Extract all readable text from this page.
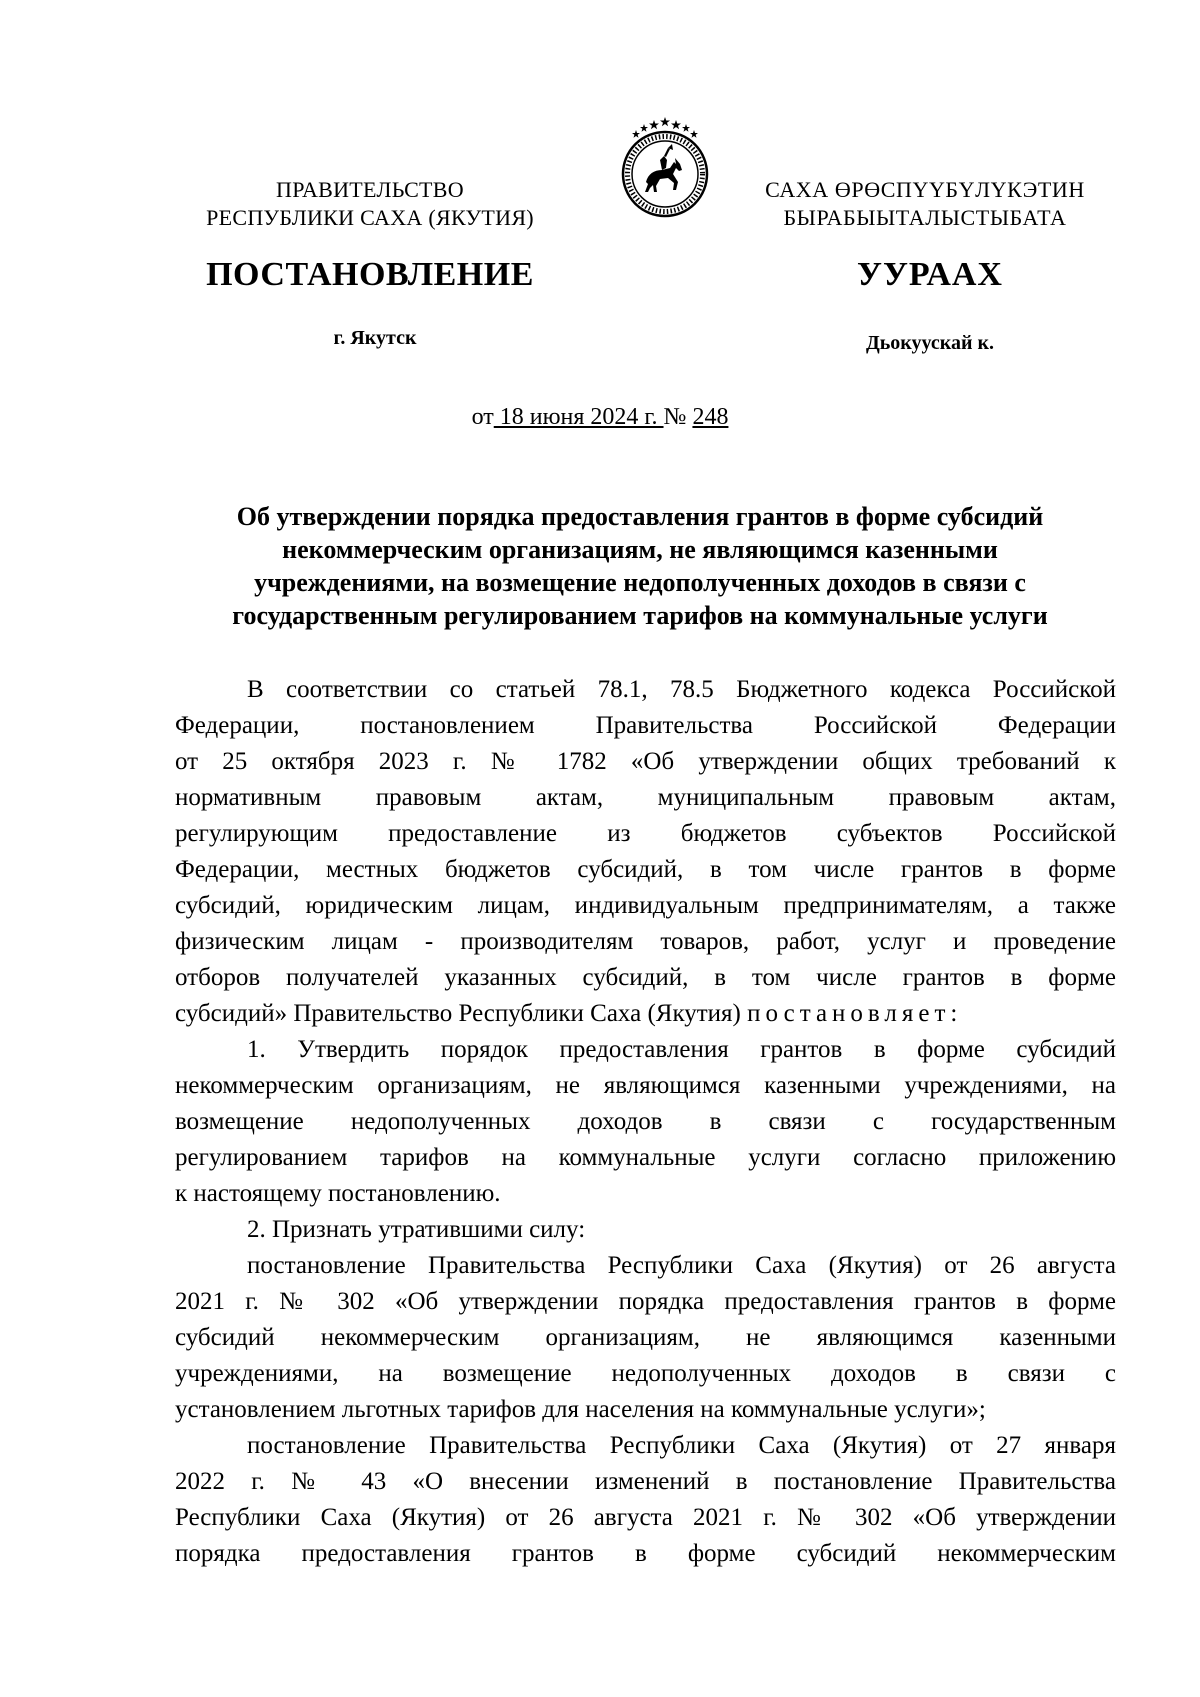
ПРАВИТЕЛЬСТВО
РЕСПУБЛИКИ САХА (ЯКУТИЯ)
САХА ӨРӨСПҮҮБҮЛҮКЭТИН
БЫРАБЫЫТАЛЫСТЫБАТА
ПОСТАНОВЛЕНИЕ	УУРААХ
г. Якутск	Дьокуускай к.
от 18 июня 2024 г. № 248
Об утверждении порядка предоставления грантов в форме субсидий
некоммерческим организациям, не являющимся казенными
учреждениями, на возмещение недополученных доходов в связи с
государственным регулированием тарифов на коммунальные услуги
В соответствии со статьей 78.1, 78.5 Бюджетного кодекса Российской
Федерации, постановлением Правительства Российской Федерации
от 25 октября 2023 г. № 1782 «Об утверждении общих требований к
нормативным правовым актам, муниципальным правовым актам,
регулирующим предоставление из бюджетов субъектов Российской
Федерации, местных бюджетов субсидий, в том числе грантов в форме
субсидий, юридическим лицам, индивидуальным предпринимателям, а также
физическим лицам - производителям товаров, работ, услуг и проведение
отборов получателей указанных субсидий, в том числе грантов в форме
субсидий» Правительство Республики Саха (Якутия) постановляет:
1. Утвердить порядок предоставления грантов в форме субсидий
некоммерческим организациям, не являющимся казенными учреждениями, на
возмещение недополученных доходов в связи с государственным
регулированием тарифов на коммунальные услуги согласно приложению
к настоящему постановлению.
2. Признать утратившими силу:
постановление Правительства Республики Саха (Якутия) от 26 августа
2021 г. № 302 «Об утверждении порядка предоставления грантов в форме
субсидий некоммерческим организациям, не являющимся казенными
учреждениями, на возмещение недополученных доходов в связи с
установлением льготных тарифов для населения на коммунальные услуги»;
постановление Правительства Республики Саха (Якутия) от 27 января
2022 г. № 43 «О внесении изменений в постановление Правительства
Республики Саха (Якутия) от 26 августа 2021 г. № 302 «Об утверждении
порядка предоставления грантов в форме субсидий некоммерческим
